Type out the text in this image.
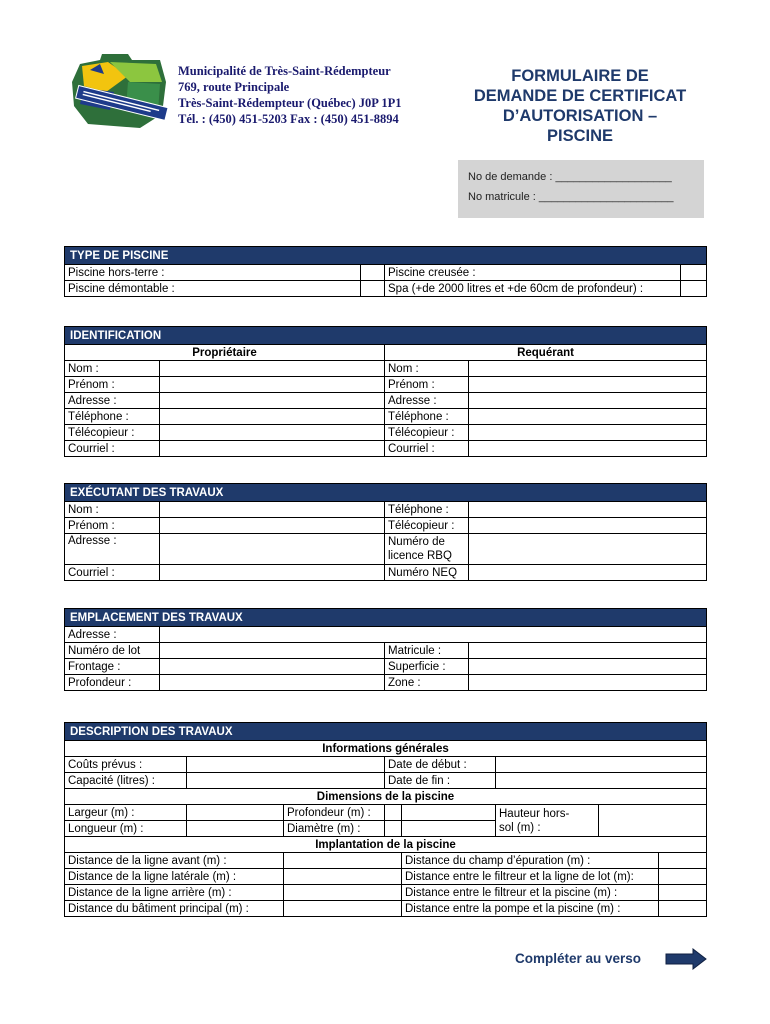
Municipalité de Très-Saint-Rédempteur
769, route Principale
Très-Saint-Rédempteur (Québec) J0P 1P1
Tél. : (450) 451-5203 Fax : (450) 451-8894
FORMULAIRE DE
DEMANDE DE CERTIFICAT
D’AUTORISATION –
PISCINE
No de demande : ___________________
No matricule : ______________________
TYPE DE PISCINE			
Piscine hors-terre :		Piscine creusée :	
Piscine démontable :		Spa (+de 2000 litres et +de 60cm de profondeur) :	
IDENTIFICATION			
Propriétaire		Requérant	
Nom :		Nom :	
Prénom :		Prénom :	
Adresse :		Adresse :	
Téléphone :		Téléphone :	
Télécopieur :		Télécopieur :	
Courriel :		Courriel :	
EXÉCUTANT DES TRAVAUX			
Nom :		Téléphone :	
Prénom :		Télécopieur :	
Adresse :		Numéro de
licence RBQ	

Courriel :		Numéro NEQ	
EMPLACEMENT DES TRAVAUX			
Adresse :			
Numéro de lot		Matricule :	
Frontage :		Superficie :	
Profondeur :		Zone :	
DESCRIPTION DES TRAVAUX							
Informations générales							
Coûts prévus :			Date de début :				
Capacité (litres) :			Date de fin :				
Dimensions de la piscine							
Largeur (m) :		Profondeur (m) :			Hauteur hors-
sol (m) :		

Longueur (m) :		Diamètre (m) :					
Implantation de la piscine							
Distance de la ligne avant (m) :				Distance du champ d’épuration (m) :			
Distance de la ligne latérale (m) :				Distance entre le filtreur et la ligne de lot (m):			
Distance de la ligne arrière (m) :				Distance entre le filtreur et la piscine (m) :			
Distance du bâtiment principal (m) :				Distance entre la pompe et la piscine (m) :			
Compléter au verso
